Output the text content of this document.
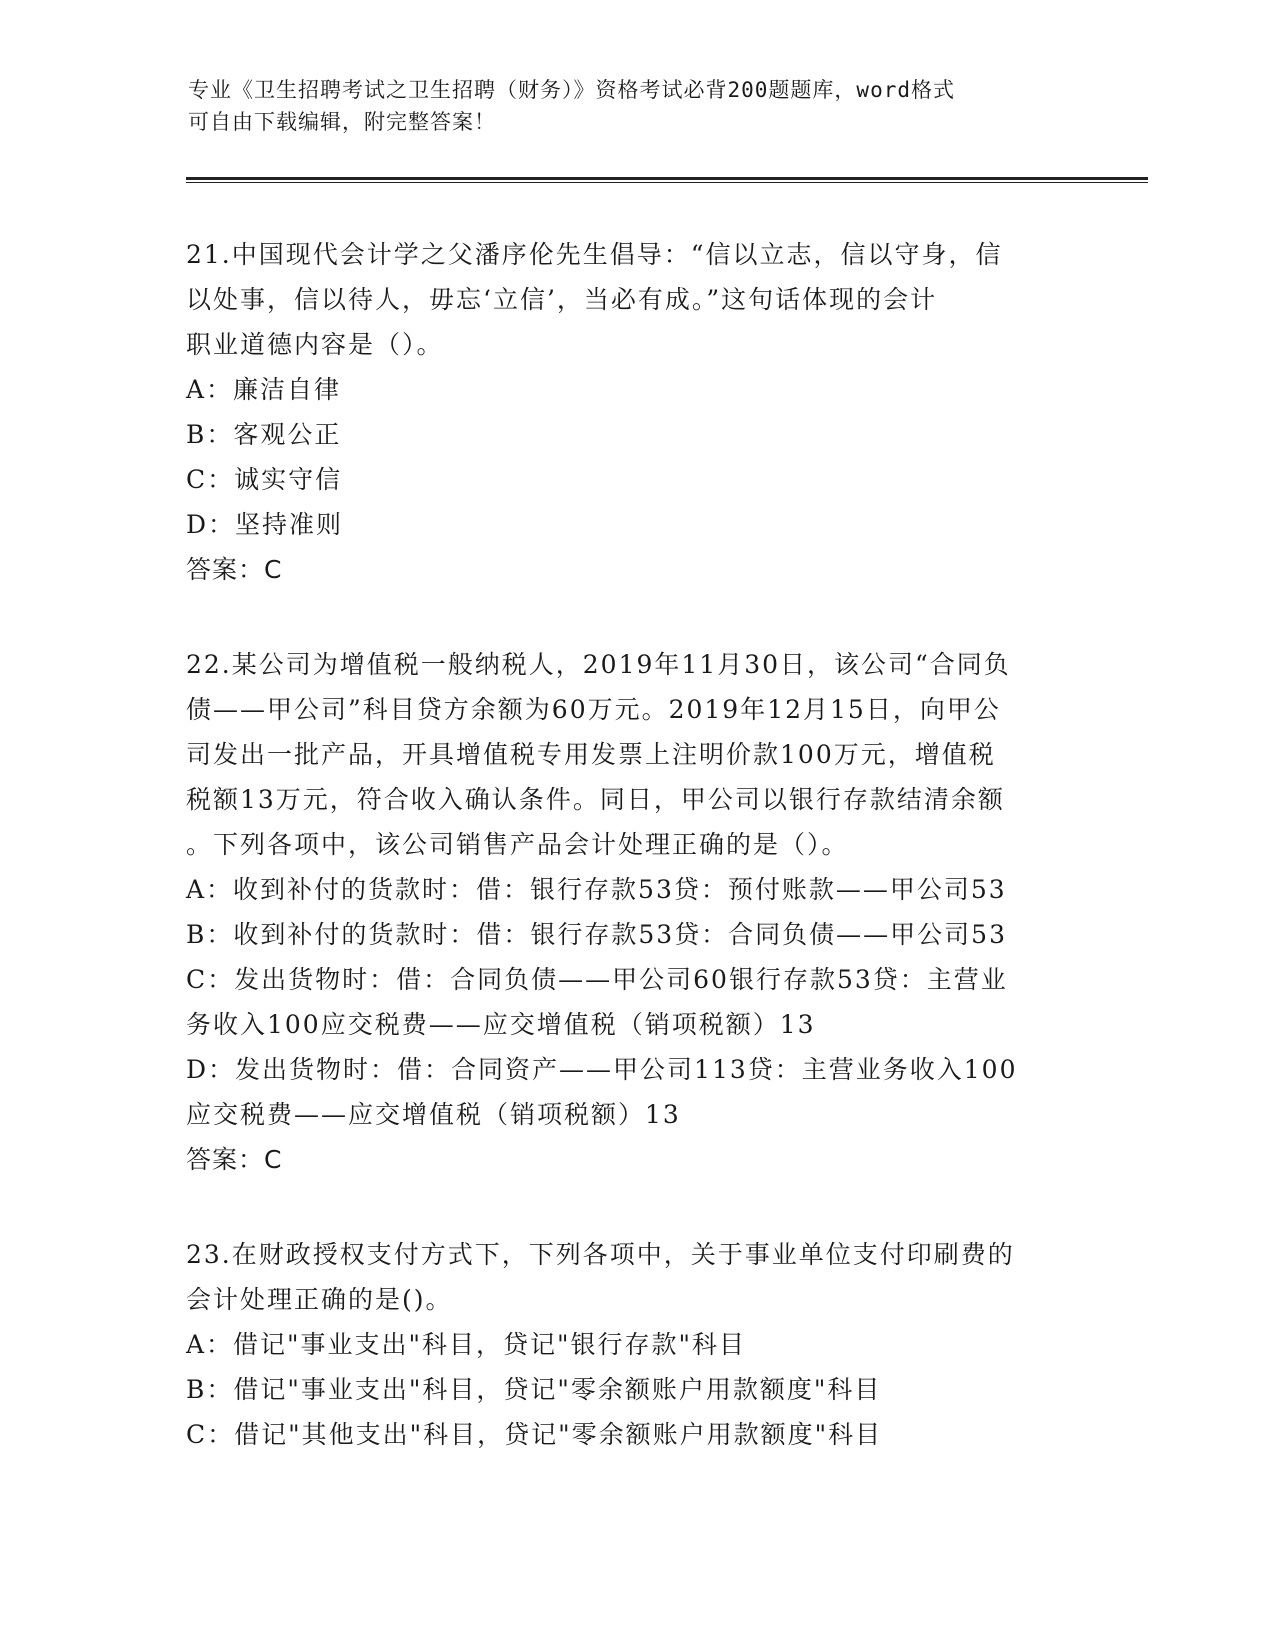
专业《卫生招聘考试之卫生招聘（财务）》资格考试必背200题题库，word格式
可自由下载编辑，附完整答案！
21.中国现代会计学之父潘序伦先生倡导：“信以立志，信以守身，信
以处事，信以待人，毋忘‘立信’，当必有成。”这句话体现的会计
职业道德内容是（）。
A：廉洁自律
B：客观公正
C：诚实守信
D：坚持准则
答案：C
22.某公司为增值税一般纳税人，2019年11月30日，该公司“合同负
债——甲公司”科目贷方余额为60万元。2019年12月15日，向甲公
司发出一批产品，开具增值税专用发票上注明价款100万元，增值税
税额13万元，符合收入确认条件。同日，甲公司以银行存款结清余额
。下列各项中，该公司销售产品会计处理正确的是（）。
A：收到补付的货款时：借：银行存款53贷：预付账款——甲公司53
B：收到补付的货款时：借：银行存款53贷：合同负债——甲公司53
C：发出货物时：借：合同负债——甲公司60银行存款53贷：主营业
务收入100应交税费——应交增值税（销项税额）13
D：发出货物时：借：合同资产——甲公司113贷：主营业务收入100
应交税费——应交增值税（销项税额）13
答案：C
23.在财政授权支付方式下，下列各项中，关于事业单位支付印刷费的
会计处理正确的是()。
A：借记"事业支出"科目，贷记"银行存款"科目
B：借记"事业支出"科目，贷记"零余额账户用款额度"科目
C：借记"其他支出"科目，贷记"零余额账户用款额度"科目
